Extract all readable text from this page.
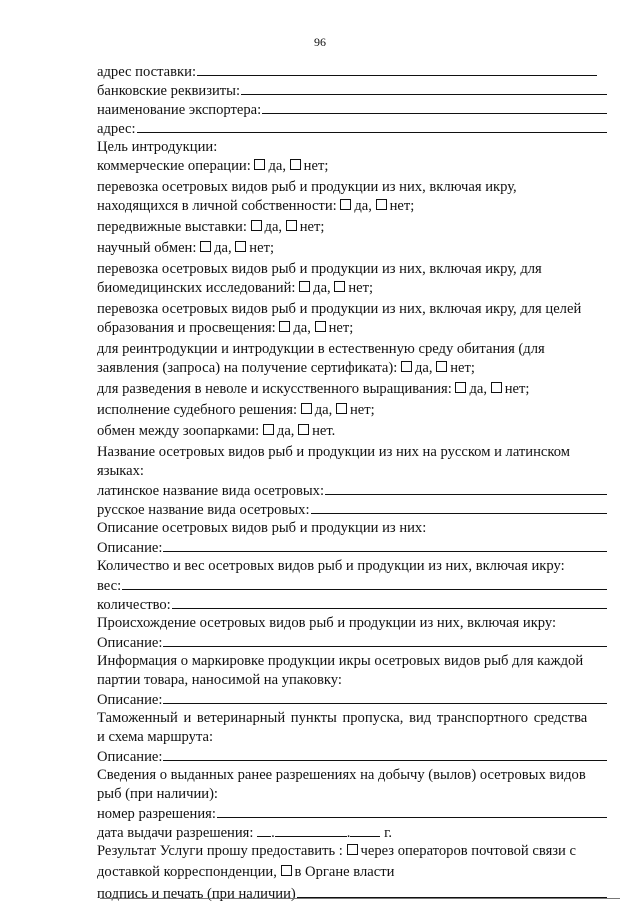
96
адрес поставки:
банковские реквизиты:
наименование экспортера:
адрес:
Цель интродукции:
коммерческие операции:
да,
нет;
перевозка осетровых видов рыб и продукции из них, включая икру,
находящихся в личной собственности:
да,
нет;
передвижные выставки:
да,
нет;
научный обмен:
да,
нет;
перевозка осетровых видов рыб и продукции из них, включая икру, для
биомедицинских исследований:
да,
нет;
перевозка осетровых видов рыб и продукции из них, включая икру, для целей
образования и просвещения:
да,
нет;
для реинтродукции и интродукции в естественную среду обитания (для
заявления (запроса) на получение сертификата):
да,
нет;
для разведения в неволе и искусственного выращивания:
да,
нет;
исполнение судебного решения:
да,
нет;
обмен между зоопарками:
да,
нет.
Название осетровых видов рыб и продукции из них на русском и латинском
языках:
латинское название вида осетровых:
русское название вида осетровых:
Описание осетровых видов рыб и продукции из них:
Описание:
Количество и вес осетровых видов рыб и продукции из них, включая икру:
вес:
количество:
Происхождение осетровых видов рыб и продукции из них, включая икру:
Описание:
Информация о маркировке продукции икры осетровых видов рыб для каждой
партии товара, наносимой на упаковку:
Описание:
Таможенный и ветеринарный пункты пропуска, вид транспортного средства
и схема маршрута:
Описание:
Сведения о выданных ранее разрешениях на добычу (вылов) осетровых видов
рыб (при наличии):
номер разрешения:
дата выдачи разрешения:
.	.
г.
Результат Услуги прошу предоставить :
через операторов почтовой связи с
доставкой корреспонденции,
в Органе власти
подпись и печать (при наличии)
